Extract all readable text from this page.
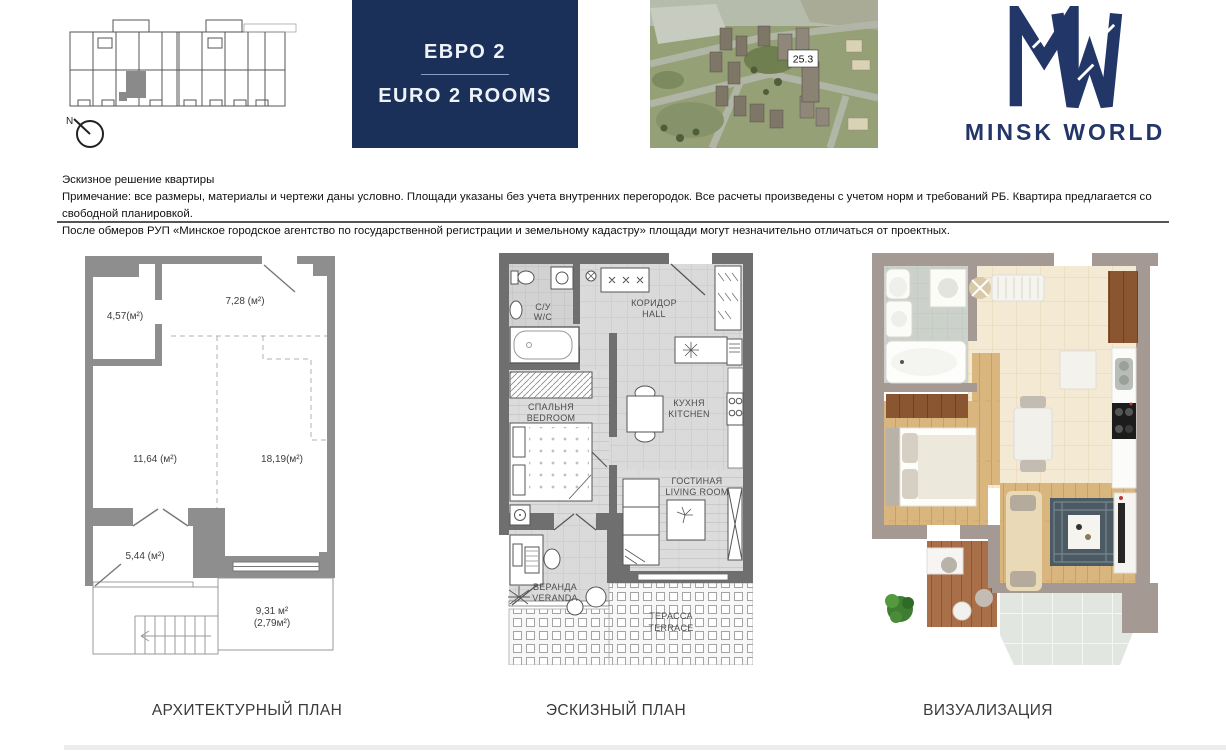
N
ЕВРО 2
EURO 2 ROOMS
25.3
MINSK WORLD

Эскизное решение квартиры

Примечание: все размеры, материалы и чертежи даны условно. Площади указаны без учета внутренних перегородок. Все расчеты произведены с учетом норм и требований РБ. Квартира предлагается со свободной планировкой.

После обмеров РУП «Минское городское агентство по государственной регистрации и земельному кадастру» площади могут незначительно отличаться от проектных.

4,57(м²)
7,28 (м²)
11,64 (м²)	18,19(м²)
5,44 (м²)
9,31 м²
(2,79м²)
С/У
W/C
КОРИДОР
HALL
СПАЛЬНЯ
BEDROOM
КУХНЯ
KITCHEN
ГОСТИНАЯ
LIVING ROOM
ВЕРАНДА
VERANDA
ТЕРАССА
TERRACE
АРХИТЕКТУРНЫЙ ПЛАН	ЭСКИЗНЫЙ ПЛАН	ВИЗУАЛИЗАЦИЯ
